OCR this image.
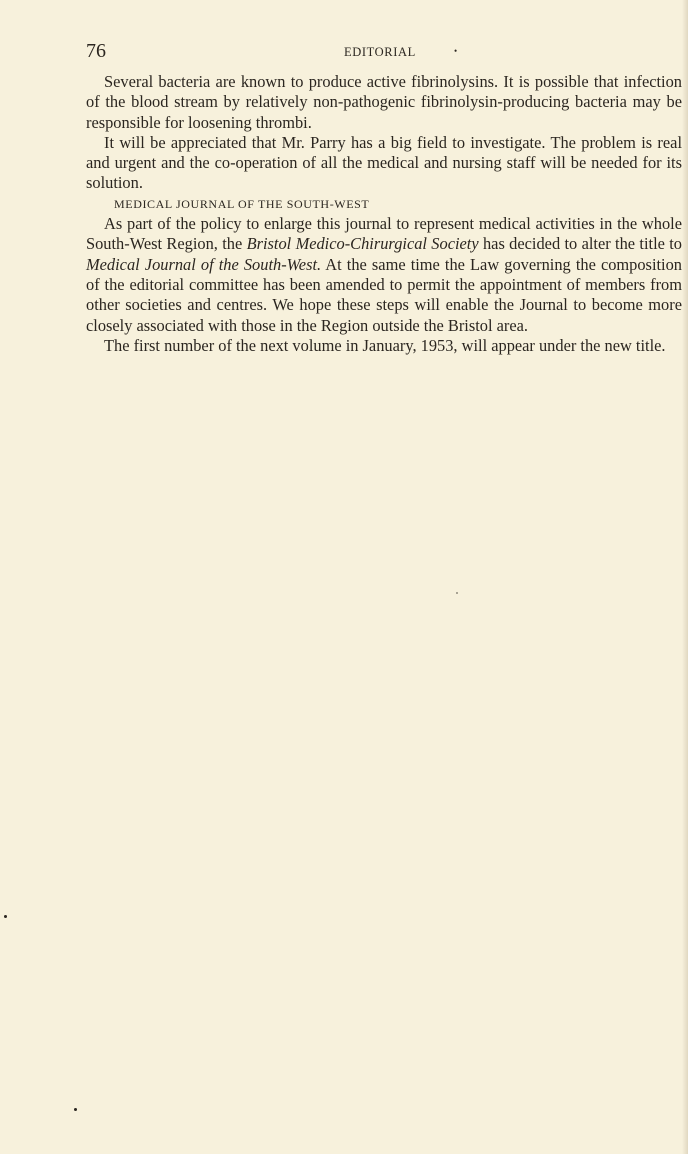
76	EDITORIAL	•

Several bacteria are known to produce active fibrinolysins. It is possible that infection of the blood stream by relatively non-pathogenic fibrinolysin-producing bacteria may be responsible for loosening thrombi.

It will be appreciated that Mr. Parry has a big field to investigate. The problem is real and urgent and the co-operation of all the medical and nursing staff will be needed for its solution.

MEDICAL JOURNAL OF THE SOUTH-WEST

As part of the policy to enlarge this journal to represent medical activities in the whole South-West Region, the Bristol Medico-Chirurgical Society has decided to alter the title to Medical Journal of the South-West. At the same time the Law governing the composition of the editorial committee has been amended to permit the appointment of members from other societies and centres. We hope these steps will enable the Journal to become more closely associated with those in the Region outside the Bristol area.

The first number of the next volume in January, 1953, will appear under the new title.
